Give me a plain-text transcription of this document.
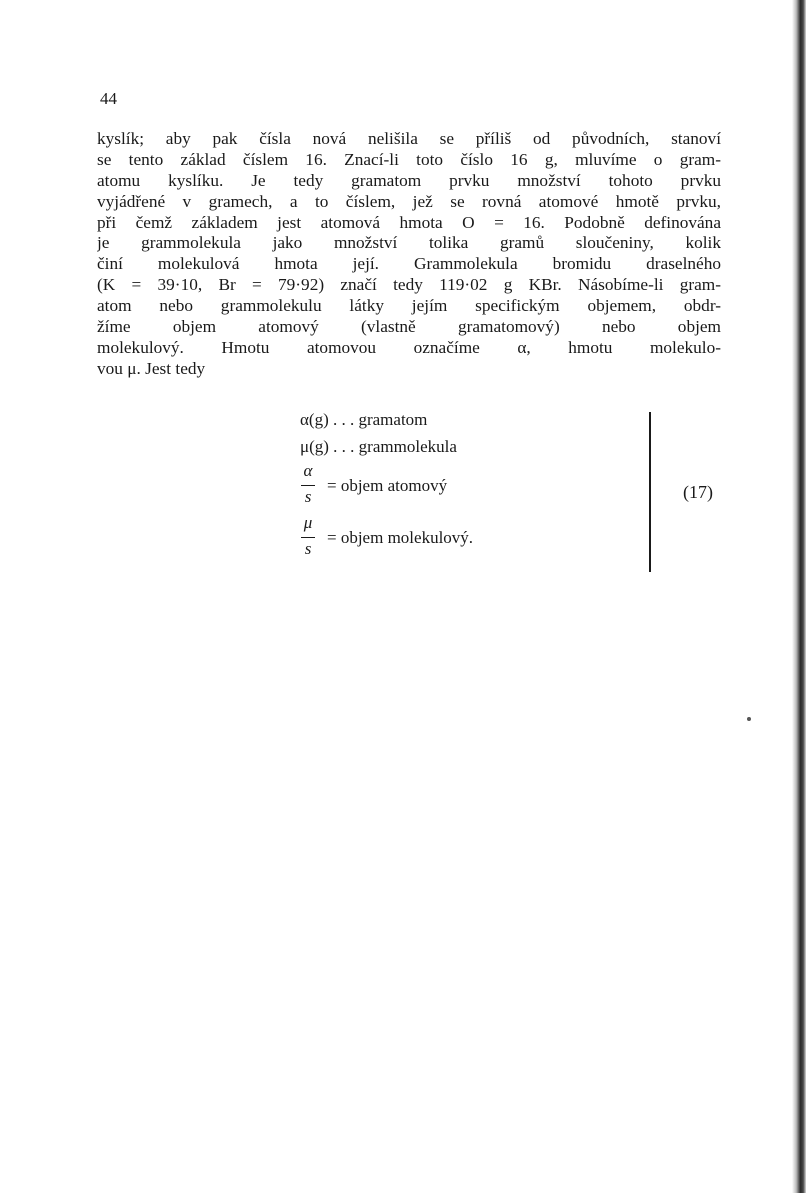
44
kyslík; aby pak čísla nová nelišila se příliš od původních, stanoví
se tento základ číslem 16. Znací-li toto číslo 16 g, mluvíme o gram-
atomu kyslíku. Je tedy gramatom prvku množství tohoto prvku
vyjádřené v gramech, a to číslem, jež se rovná atomové hmotě prvku,
při čemž základem jest atomová hmota O = 16. Podobně definována
je grammolekula jako množství tolika gramů sloučeniny, kolik
činí molekulová hmota její. Grammolekula bromidu draselného
(K = 39·10, Br = 79·92) značí tedy 119·02 g KBr. Násobíme-li gram-
atom nebo grammolekulu látky jejím specifickým objemem, obdr-
žíme objem atomový (vlastně gramatomový) nebo objem
molekulový. Hmotu atomovou označíme α, hmotu molekulo-
vou μ. Jest tedy
α(g) . . . gramatom
μ(g) . . . grammolekula
α
s
= objem atomový
μ
s
= objem molekulový.
(17)
